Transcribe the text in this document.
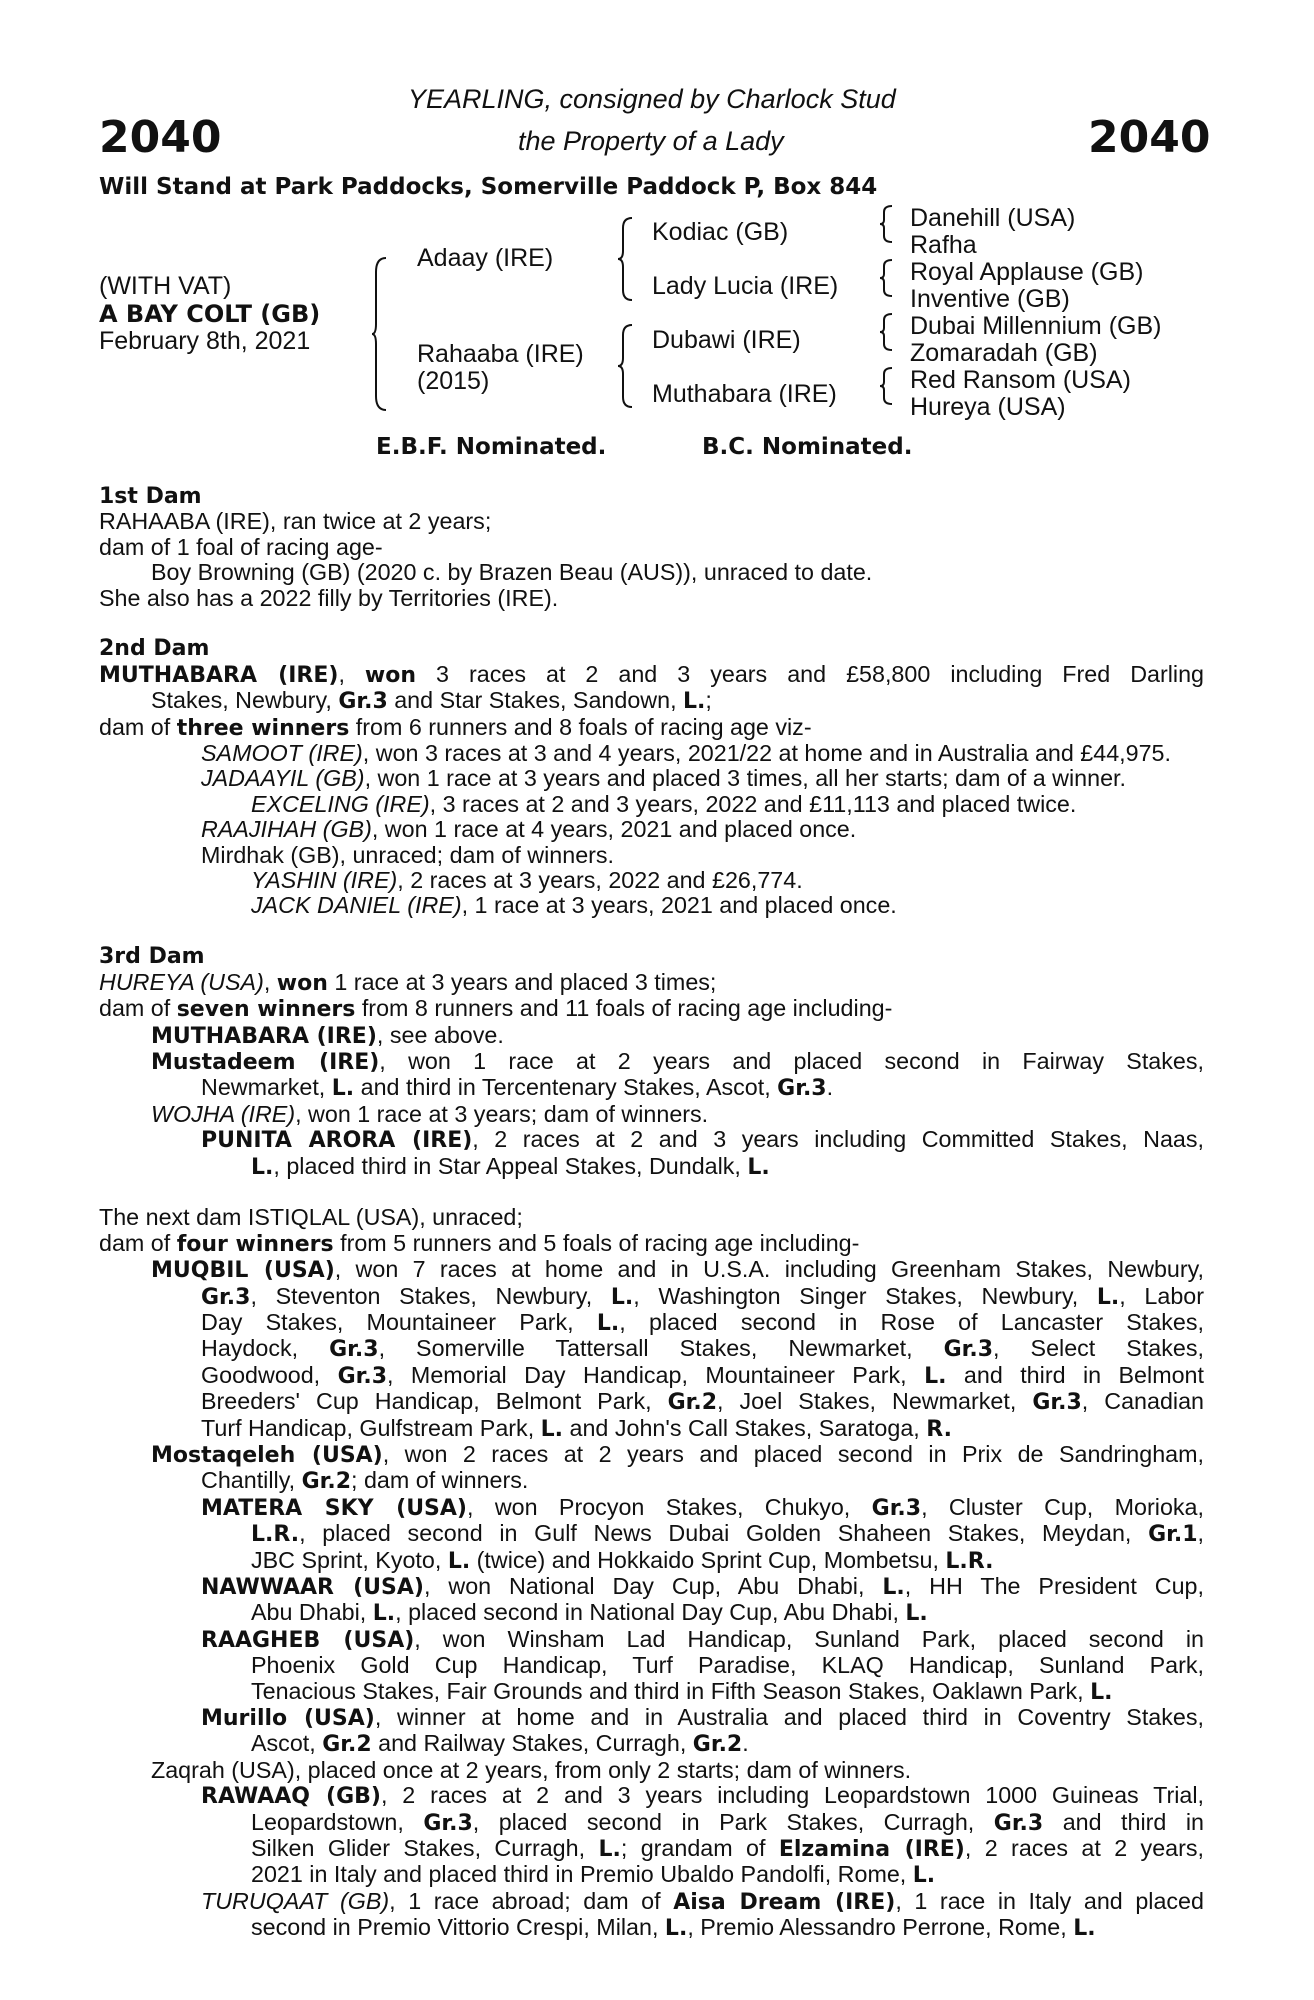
YEARLING, consigned by Charlock Stud
the Property of a Lady
2040	2040
Will Stand at Park Paddocks, Somerville Paddock P, Box 844
(WITH VAT)
A BAY COLT (GB)
February 8th, 2021
Adaay (IRE)
Rahaaba (IRE)
(2015)
Kodiac (GB)
Lady Lucia (IRE)
Dubawi (IRE)
Muthabara (IRE)
Danehill (USA)
Rafha
Royal Applause (GB)
Inventive (GB)
Dubai Millennium (GB)
Zomaradah (GB)
Red Ransom (USA)
Hureya (USA)
E.B.F. Nominated.	B.C. Nominated.
1st Dam
RAHAABA (IRE), ran twice at 2 years;
dam of 1 foal of racing age-
Boy Browning (GB) (2020 c. by Brazen Beau (AUS)), unraced to date.
She also has a 2022 filly by Territories (IRE).
2nd Dam
MUTHABARA (IRE), won 3 races at 2 and 3 years and £58,800 including Fred Darling
Stakes, Newbury, Gr.3 and Star Stakes, Sandown, L.;
dam of three winners from 6 runners and 8 foals of racing age viz-
SAMOOT (IRE), won 3 races at 3 and 4 years, 2021/22 at home and in Australia and £44,975.
JADAAYIL (GB), won 1 race at 3 years and placed 3 times, all her starts; dam of a winner.
EXCELING (IRE), 3 races at 2 and 3 years, 2022 and £11,113 and placed twice.
RAAJIHAH (GB), won 1 race at 4 years, 2021 and placed once.
Mirdhak (GB), unraced; dam of winners.
YASHIN (IRE), 2 races at 3 years, 2022 and £26,774.
JACK DANIEL (IRE), 1 race at 3 years, 2021 and placed once.
3rd Dam
HUREYA (USA), won 1 race at 3 years and placed 3 times;
dam of seven winners from 8 runners and 11 foals of racing age including-
MUTHABARA (IRE), see above.
Mustadeem (IRE), won 1 race at 2 years and placed second in Fairway Stakes,
Newmarket, L. and third in Tercentenary Stakes, Ascot, Gr.3.
WOJHA (IRE), won 1 race at 3 years; dam of winners.
PUNITA ARORA (IRE), 2 races at 2 and 3 years including Committed Stakes, Naas,
L., placed third in Star Appeal Stakes, Dundalk, L.
The next dam ISTIQLAL (USA), unraced;
dam of four winners from 5 runners and 5 foals of racing age including-
MUQBIL (USA), won 7 races at home and in U.S.A. including Greenham Stakes, Newbury,
Gr.3, Steventon Stakes, Newbury, L., Washington Singer Stakes, Newbury, L., Labor
Day Stakes, Mountaineer Park, L., placed second in Rose of Lancaster Stakes,
Haydock, Gr.3, Somerville Tattersall Stakes, Newmarket, Gr.3, Select Stakes,
Goodwood, Gr.3, Memorial Day Handicap, Mountaineer Park, L. and third in Belmont
Breeders' Cup Handicap, Belmont Park, Gr.2, Joel Stakes, Newmarket, Gr.3, Canadian
Turf Handicap, Gulfstream Park, L. and John's Call Stakes, Saratoga, R.
Mostaqeleh (USA), won 2 races at 2 years and placed second in Prix de Sandringham,
Chantilly, Gr.2; dam of winners.
MATERA SKY (USA), won Procyon Stakes, Chukyo, Gr.3, Cluster Cup, Morioka,
L.R., placed second in Gulf News Dubai Golden Shaheen Stakes, Meydan, Gr.1,
JBC Sprint, Kyoto, L. (twice) and Hokkaido Sprint Cup, Mombetsu, L.R.
NAWWAAR (USA), won National Day Cup, Abu Dhabi, L., HH The President Cup,
Abu Dhabi, L., placed second in National Day Cup, Abu Dhabi, L.
RAAGHEB (USA), won Winsham Lad Handicap, Sunland Park, placed second in
Phoenix Gold Cup Handicap, Turf Paradise, KLAQ Handicap, Sunland Park,
Tenacious Stakes, Fair Grounds and third in Fifth Season Stakes, Oaklawn Park, L.
Murillo (USA), winner at home and in Australia and placed third in Coventry Stakes,
Ascot, Gr.2 and Railway Stakes, Curragh, Gr.2.
Zaqrah (USA), placed once at 2 years, from only 2 starts; dam of winners.
RAWAAQ (GB), 2 races at 2 and 3 years including Leopardstown 1000 Guineas Trial,
Leopardstown, Gr.3, placed second in Park Stakes, Curragh, Gr.3 and third in
Silken Glider Stakes, Curragh, L.; grandam of Elzamina (IRE), 2 races at 2 years,
2021 in Italy and placed third in Premio Ubaldo Pandolfi, Rome, L.
TURUQAAT (GB), 1 race abroad; dam of Aisa Dream (IRE), 1 race in Italy and placed
second in Premio Vittorio Crespi, Milan, L., Premio Alessandro Perrone, Rome, L.
